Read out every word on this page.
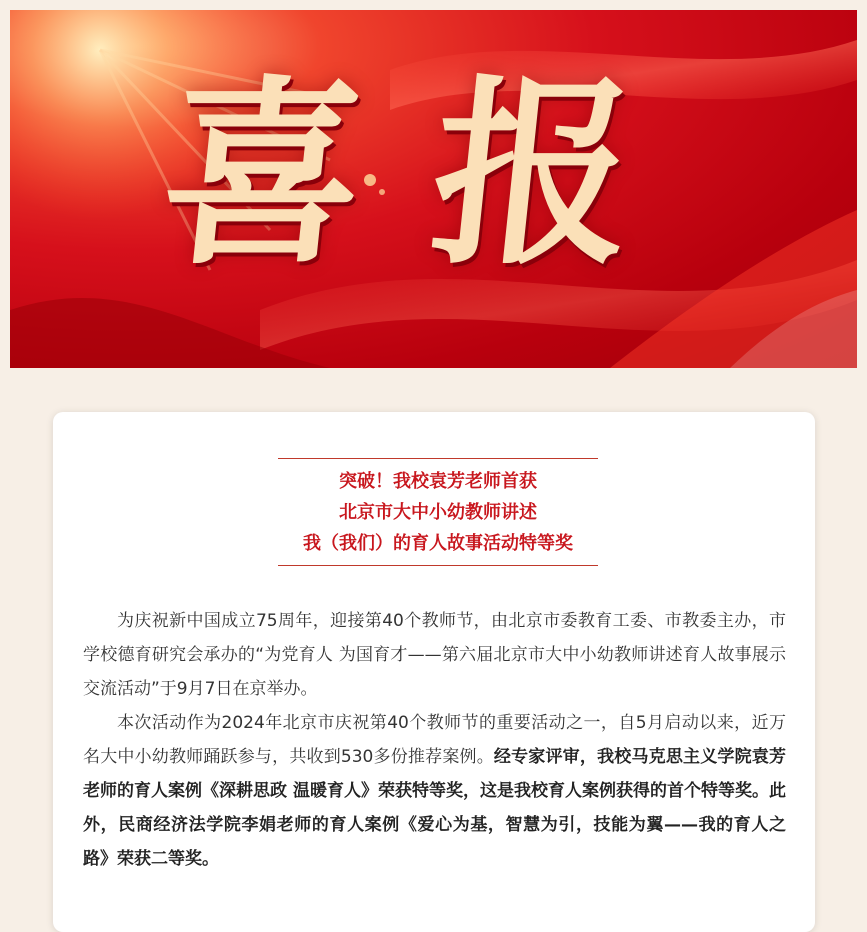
喜报
突破！我校袁芳老师首获
北京市大中小幼教师讲述
我（我们）的育人故事活动特等奖

为庆祝新中国成立75周年，迎接第40个教师节，由北京市委教育工委、市教委主办，市学校德育研究会承办的“为党育人 为国育才——第六届北京市大中小幼教师讲述育人故事展示交流活动”于9月7日在京举办。

本次活动作为2024年北京市庆祝第40个教师节的重要活动之一，自5月启动以来，近万名大中小幼教师踊跃参与，共收到530多份推荐案例。经专家评审，我校马克思主义学院袁芳老师的育人案例《深耕思政 温暖育人》荣获特等奖，这是我校育人案例获得的首个特等奖。此外，民商经济法学院李娟老师的育人案例《爱心为基，智慧为引，技能为翼——我的育人之路》荣获二等奖。
